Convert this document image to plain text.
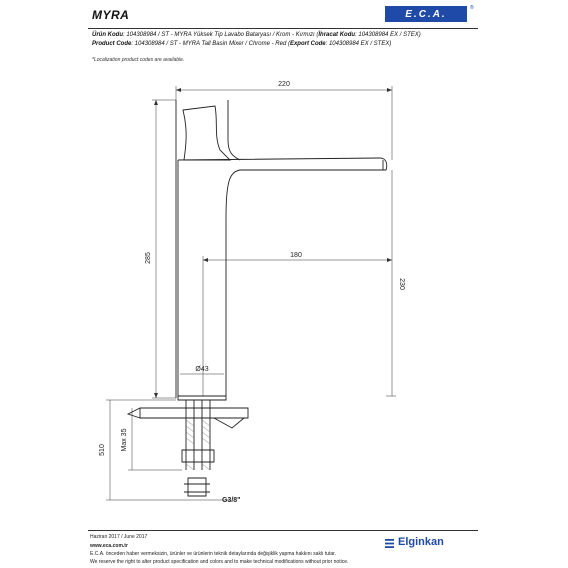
MYRA	E.C.A.
®
Ürün Kodu: 104308984 / ST - MYRA Yüksek Tip Lavabo Bataryası / Krom - Kırmızı (İhracat Kodu: 104308984 EX / STEX)
Product Code: 104308984 / ST - MYRA Tall Basin Mixer / Chrome - Red (Export Code: 104308984 EX / STEX)
*Localization product codes are available.
220
285	180
230
Ø43
510 Max 35
G3/8"
Haziran 2017 / June 2017
www.eca.com.tr
E.C.A. önceden haber vermeksizin, ürünler ve ürünlerin teknik detaylarında değişiklik yapma hakkını saklı tutar.
We reserve the right to alter product specification and colors and to make technical modifications without prior notice.
Elginkan
